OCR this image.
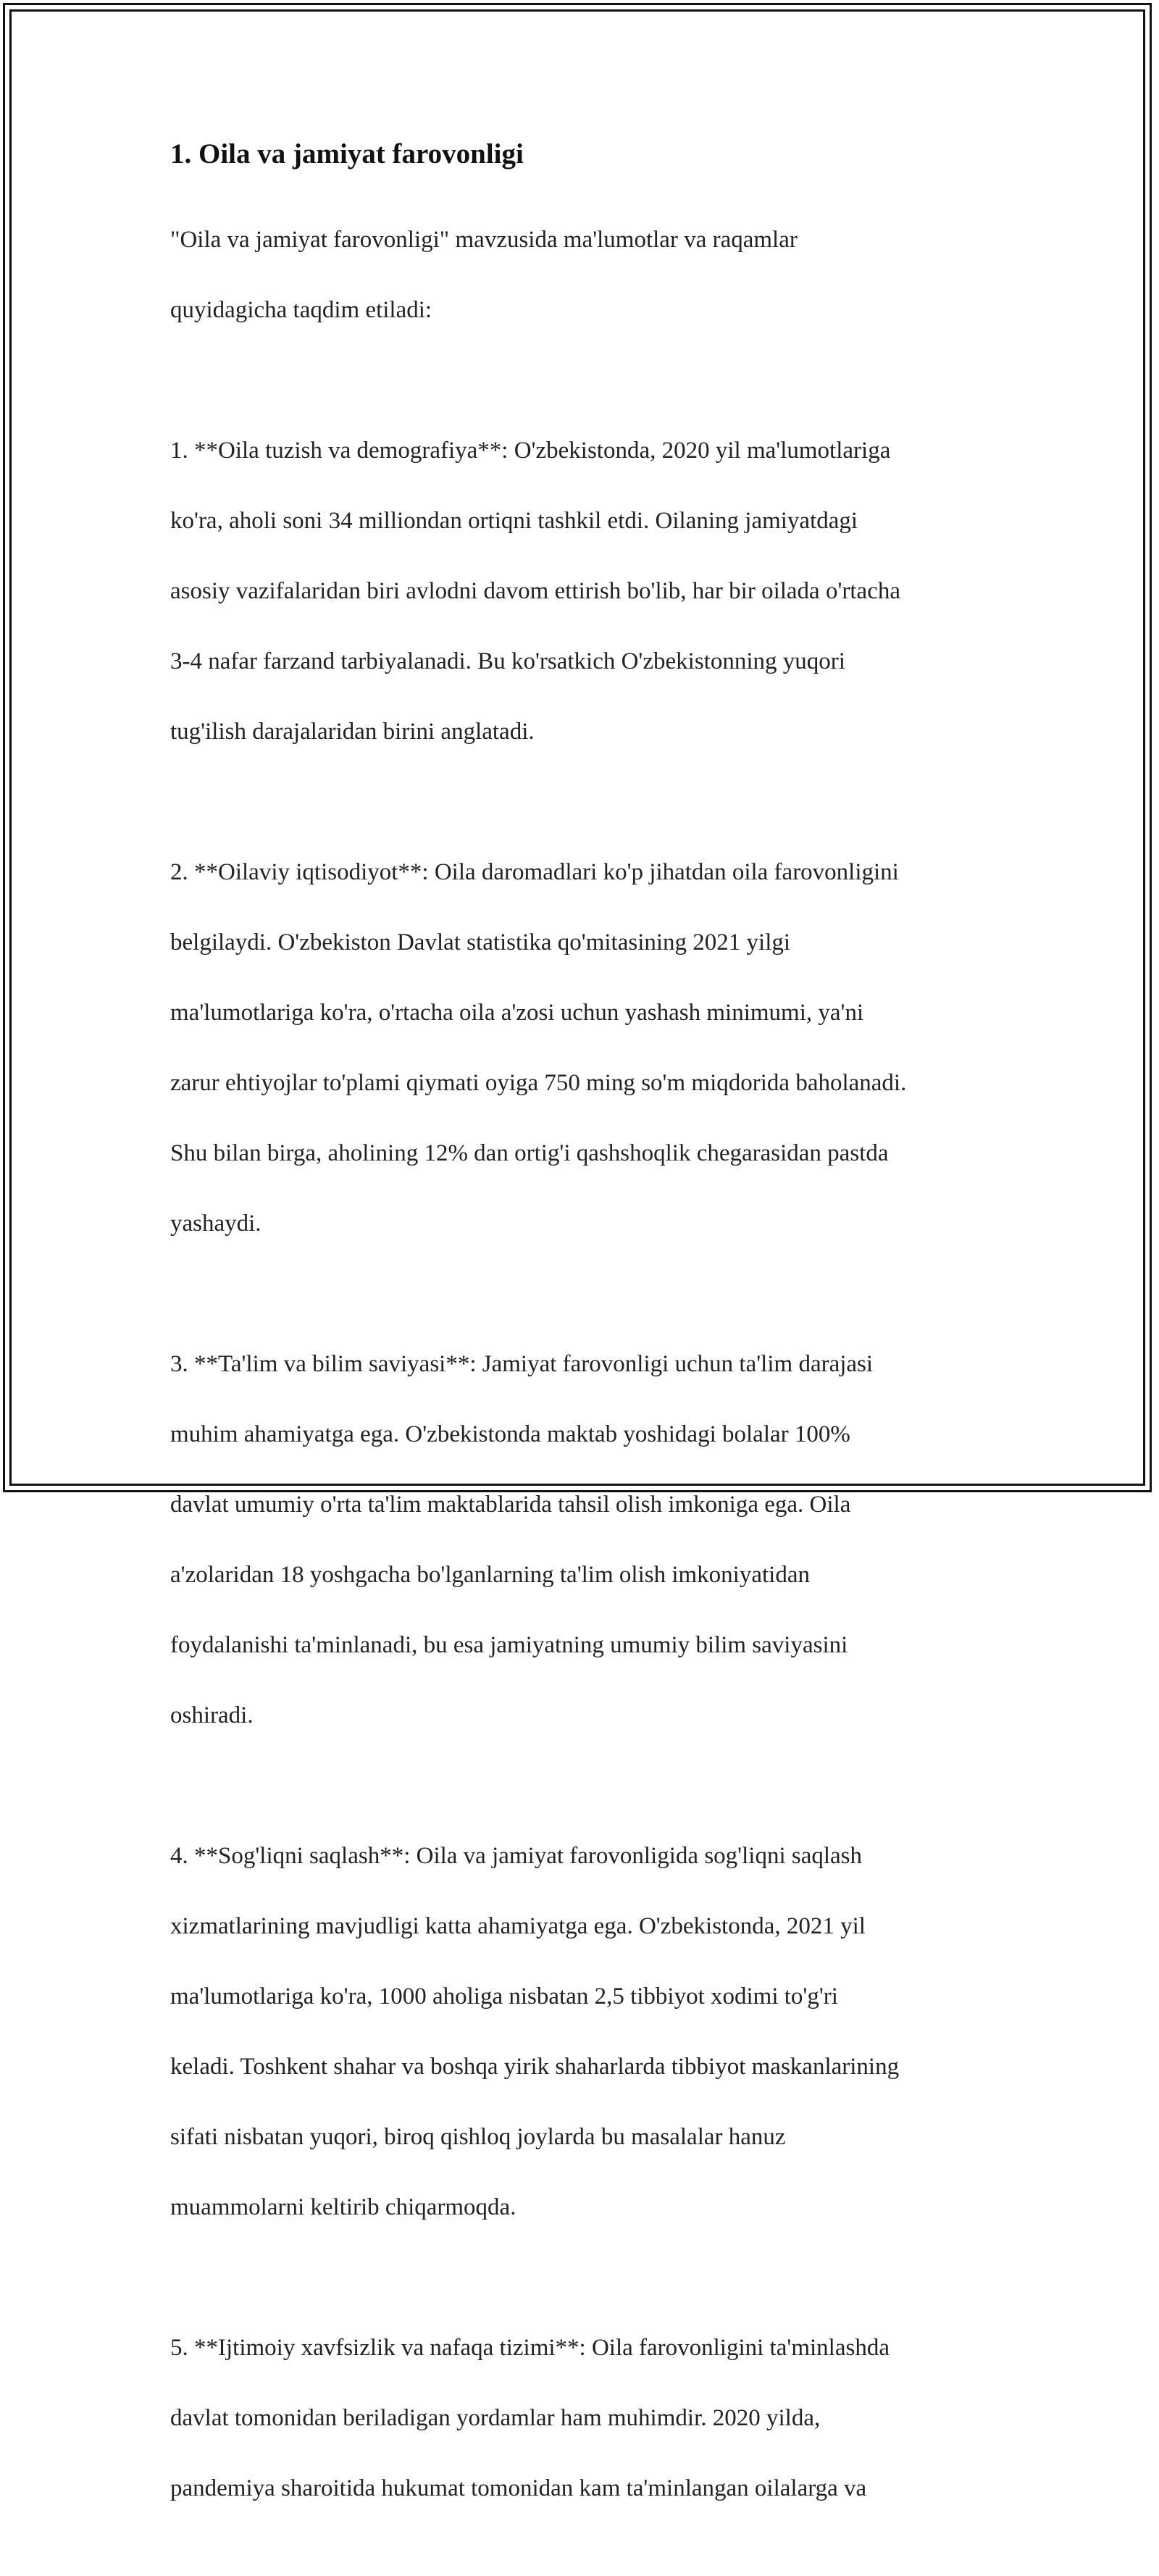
1. Oila va jamiyat farovonligi

"Oila va jamiyat farovonligi" mavzusida ma'lumotlar va raqamlar

quyidagicha taqdim etiladi:

1. **Oila tuzish va demografiya**: O'zbekistonda, 2020 yil ma'lumotlariga

ko'ra, aholi soni 34 milliondan ortiqni tashkil etdi. Oilaning jamiyatdagi

asosiy vazifalaridan biri avlodni davom ettirish bo'lib, har bir oilada o'rtacha

3-4 nafar farzand tarbiyalanadi. Bu ko'rsatkich O'zbekistonning yuqori

tug'ilish darajalaridan birini anglatadi.

2. **Oilaviy iqtisodiyot**: Oila daromadlari ko'p jihatdan oila farovonligini

belgilaydi. O'zbekiston Davlat statistika qo'mitasining 2021 yilgi

ma'lumotlariga ko'ra, o'rtacha oila a'zosi uchun yashash minimumi, ya'ni

zarur ehtiyojlar to'plami qiymati oyiga 750 ming so'm miqdorida baholanadi.

Shu bilan birga, aholining 12% dan ortig'i qashshoqlik chegarasidan pastda

yashaydi.

3. **Ta'lim va bilim saviyasi**: Jamiyat farovonligi uchun ta'lim darajasi

muhim ahamiyatga ega. O'zbekistonda maktab yoshidagi bolalar 100%

davlat umumiy o'rta ta'lim maktablarida tahsil olish imkoniga ega. Oila

a'zolaridan 18 yoshgacha bo'lganlarning ta'lim olish imkoniyatidan

foydalanishi ta'minlanadi, bu esa jamiyatning umumiy bilim saviyasini

oshiradi.

4. **Sog'liqni saqlash**: Oila va jamiyat farovonligida sog'liqni saqlash

xizmatlarining mavjudligi katta ahamiyatga ega. O'zbekistonda, 2021 yil

ma'lumotlariga ko'ra, 1000 aholiga nisbatan 2,5 tibbiyot xodimi to'g'ri

keladi. Toshkent shahar va boshqa yirik shaharlarda tibbiyot maskanlarining

sifati nisbatan yuqori, biroq qishloq joylarda bu masalalar hanuz

muammolarni keltirib chiqarmoqda.

5. **Ijtimoiy xavfsizlik va nafaqa tizimi**: Oila farovonligini ta'minlashda

davlat tomonidan beriladigan yordamlar ham muhimdir. 2020 yilda,

pandemiya sharoitida hukumat tomonidan kam ta'minlangan oilalarga va
